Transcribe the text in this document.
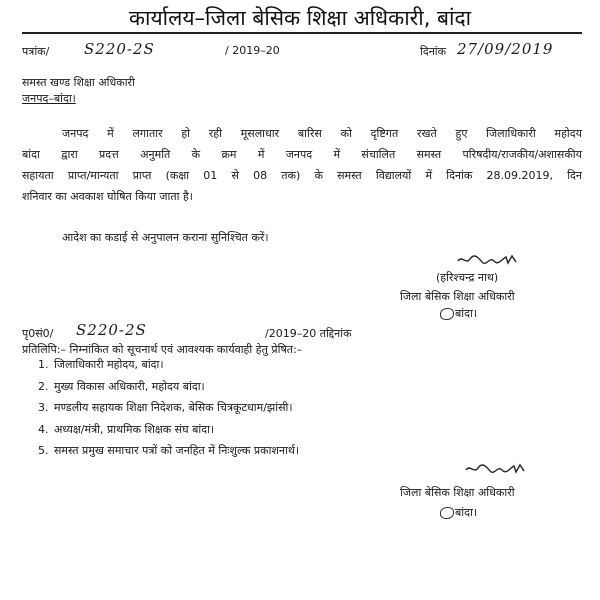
कार्यालय–जिला बेसिक शिक्षा अधिकारी, बांदा
पत्रांक/ S220-2S	/ 2019–20	दिनांक 27/09/2019
समस्त खण्ड शिक्षा अधिकारी
जनपद–बांदा।
जनपद में लगातार हो रही मूसलाधार बारिस को दृष्टिगत रखते हुए जिलाधिकारी महोदय
बांदा द्वारा प्रदत्त अनुमति के क्रम में जनपद में संचालित समस्त परिषदीय/राजकीय/अशासकीय
सहायता प्राप्त/मान्यता प्राप्त (कक्षा 01 से 08 तक) के समस्त विद्यालयों में दिनांक 28.09.2019, दिन
शनिवार का अवकाश घोषित किया जाता है।
आदेश का कडाई से अनुपालन कराना सुनिश्चित करें।
(हरिश्चन्द्र नाथ)
जिला बेसिक शिक्षा अधिकारी
बांदा।
पृ0सं0/ S220-2S	/2019–20 तद्दिनांक
प्रतिलिपि:– निम्नांकित को सूचनार्थ एवं आवश्यक कार्यवाही हेतु प्रेषित:–
1. जिलाधिकारी महोदय, बांदा।
2. मुख्य विकास अधिकारी, महोदय बांदा।
3. मण्डलीय सहायक शिक्षा निदेशक, बेसिक चित्रकूटधाम/झांसी।
4. अध्यक्ष/मंत्री, प्राथमिक शिक्षक संघ बांदा।
5. समस्त प्रमुख समाचार पत्रों को जनहित में निःशुल्क प्रकाशनार्थ।
जिला बेसिक शिक्षा अधिकारी
बांदा।
